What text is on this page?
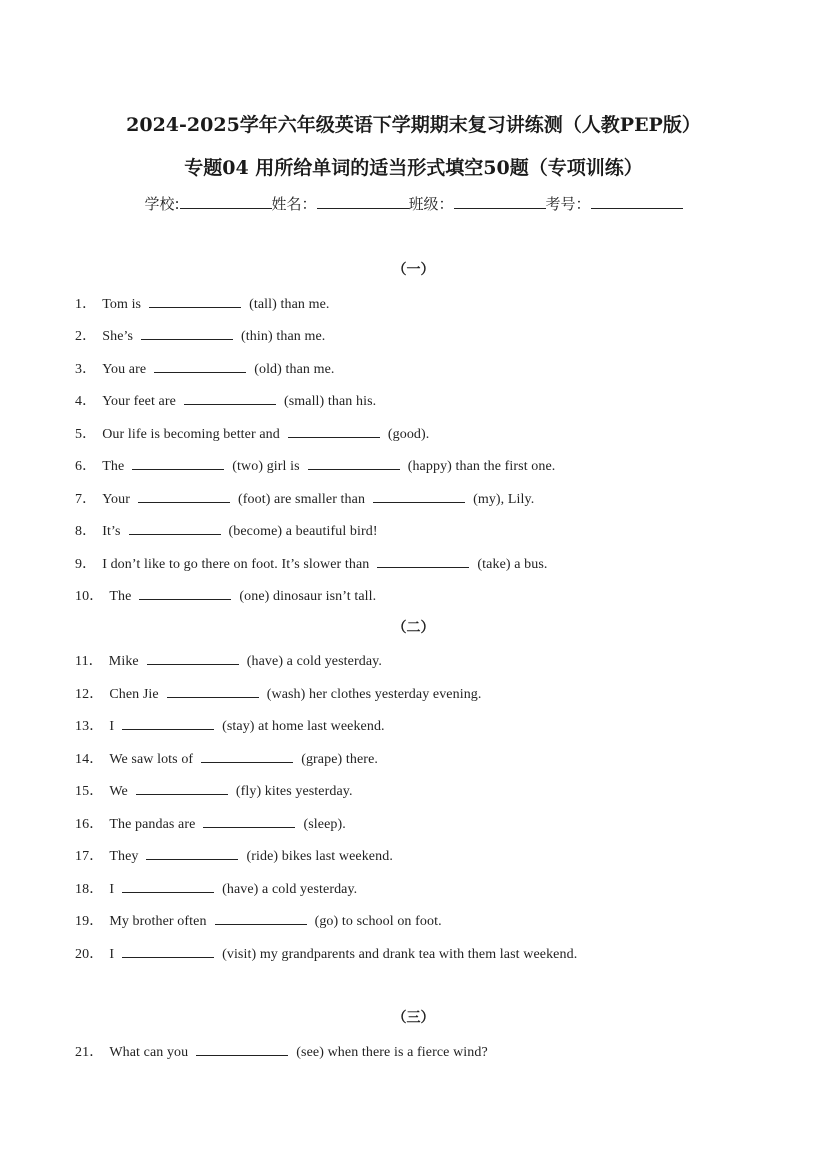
2024-2025学年六年级英语下学期期末复习讲练测（人教PEP版）
专题04 用所给单词的适当形式填空50题（专项训练）
学校:	姓名：	班级：	考号：
（一）
1． Tom is	(tall) than me.
2． She’s	(thin) than me.
3． You are	(old) than me.
4． Your feet are	(small) than his.
5． Our life is becoming better and	(good).
6． The	(two) girl is	(happy) than the first one.
7． Your	(foot) are smaller than	(my), Lily.
8． It’s	(become) a beautiful bird!
9． I don’t like to go there on foot. It’s slower than	(take) a bus.
10． The	(one) dinosaur isn’t tall.
（二）
11． Mike	(have) a cold yesterday.
12． Chen Jie	(wash) her clothes yesterday evening.
13． I	(stay) at home last weekend.
14． We saw lots of	(grape) there.
15． We	(fly) kites yesterday.
16． The pandas are	(sleep).
17． They	(ride) bikes last weekend.
18． I	(have) a cold yesterday.
19． My brother often	(go) to school on foot.
20． I	(visit) my grandparents and drank tea with them last weekend.
（三）
21． What can you	(see) when there is a fierce wind?
